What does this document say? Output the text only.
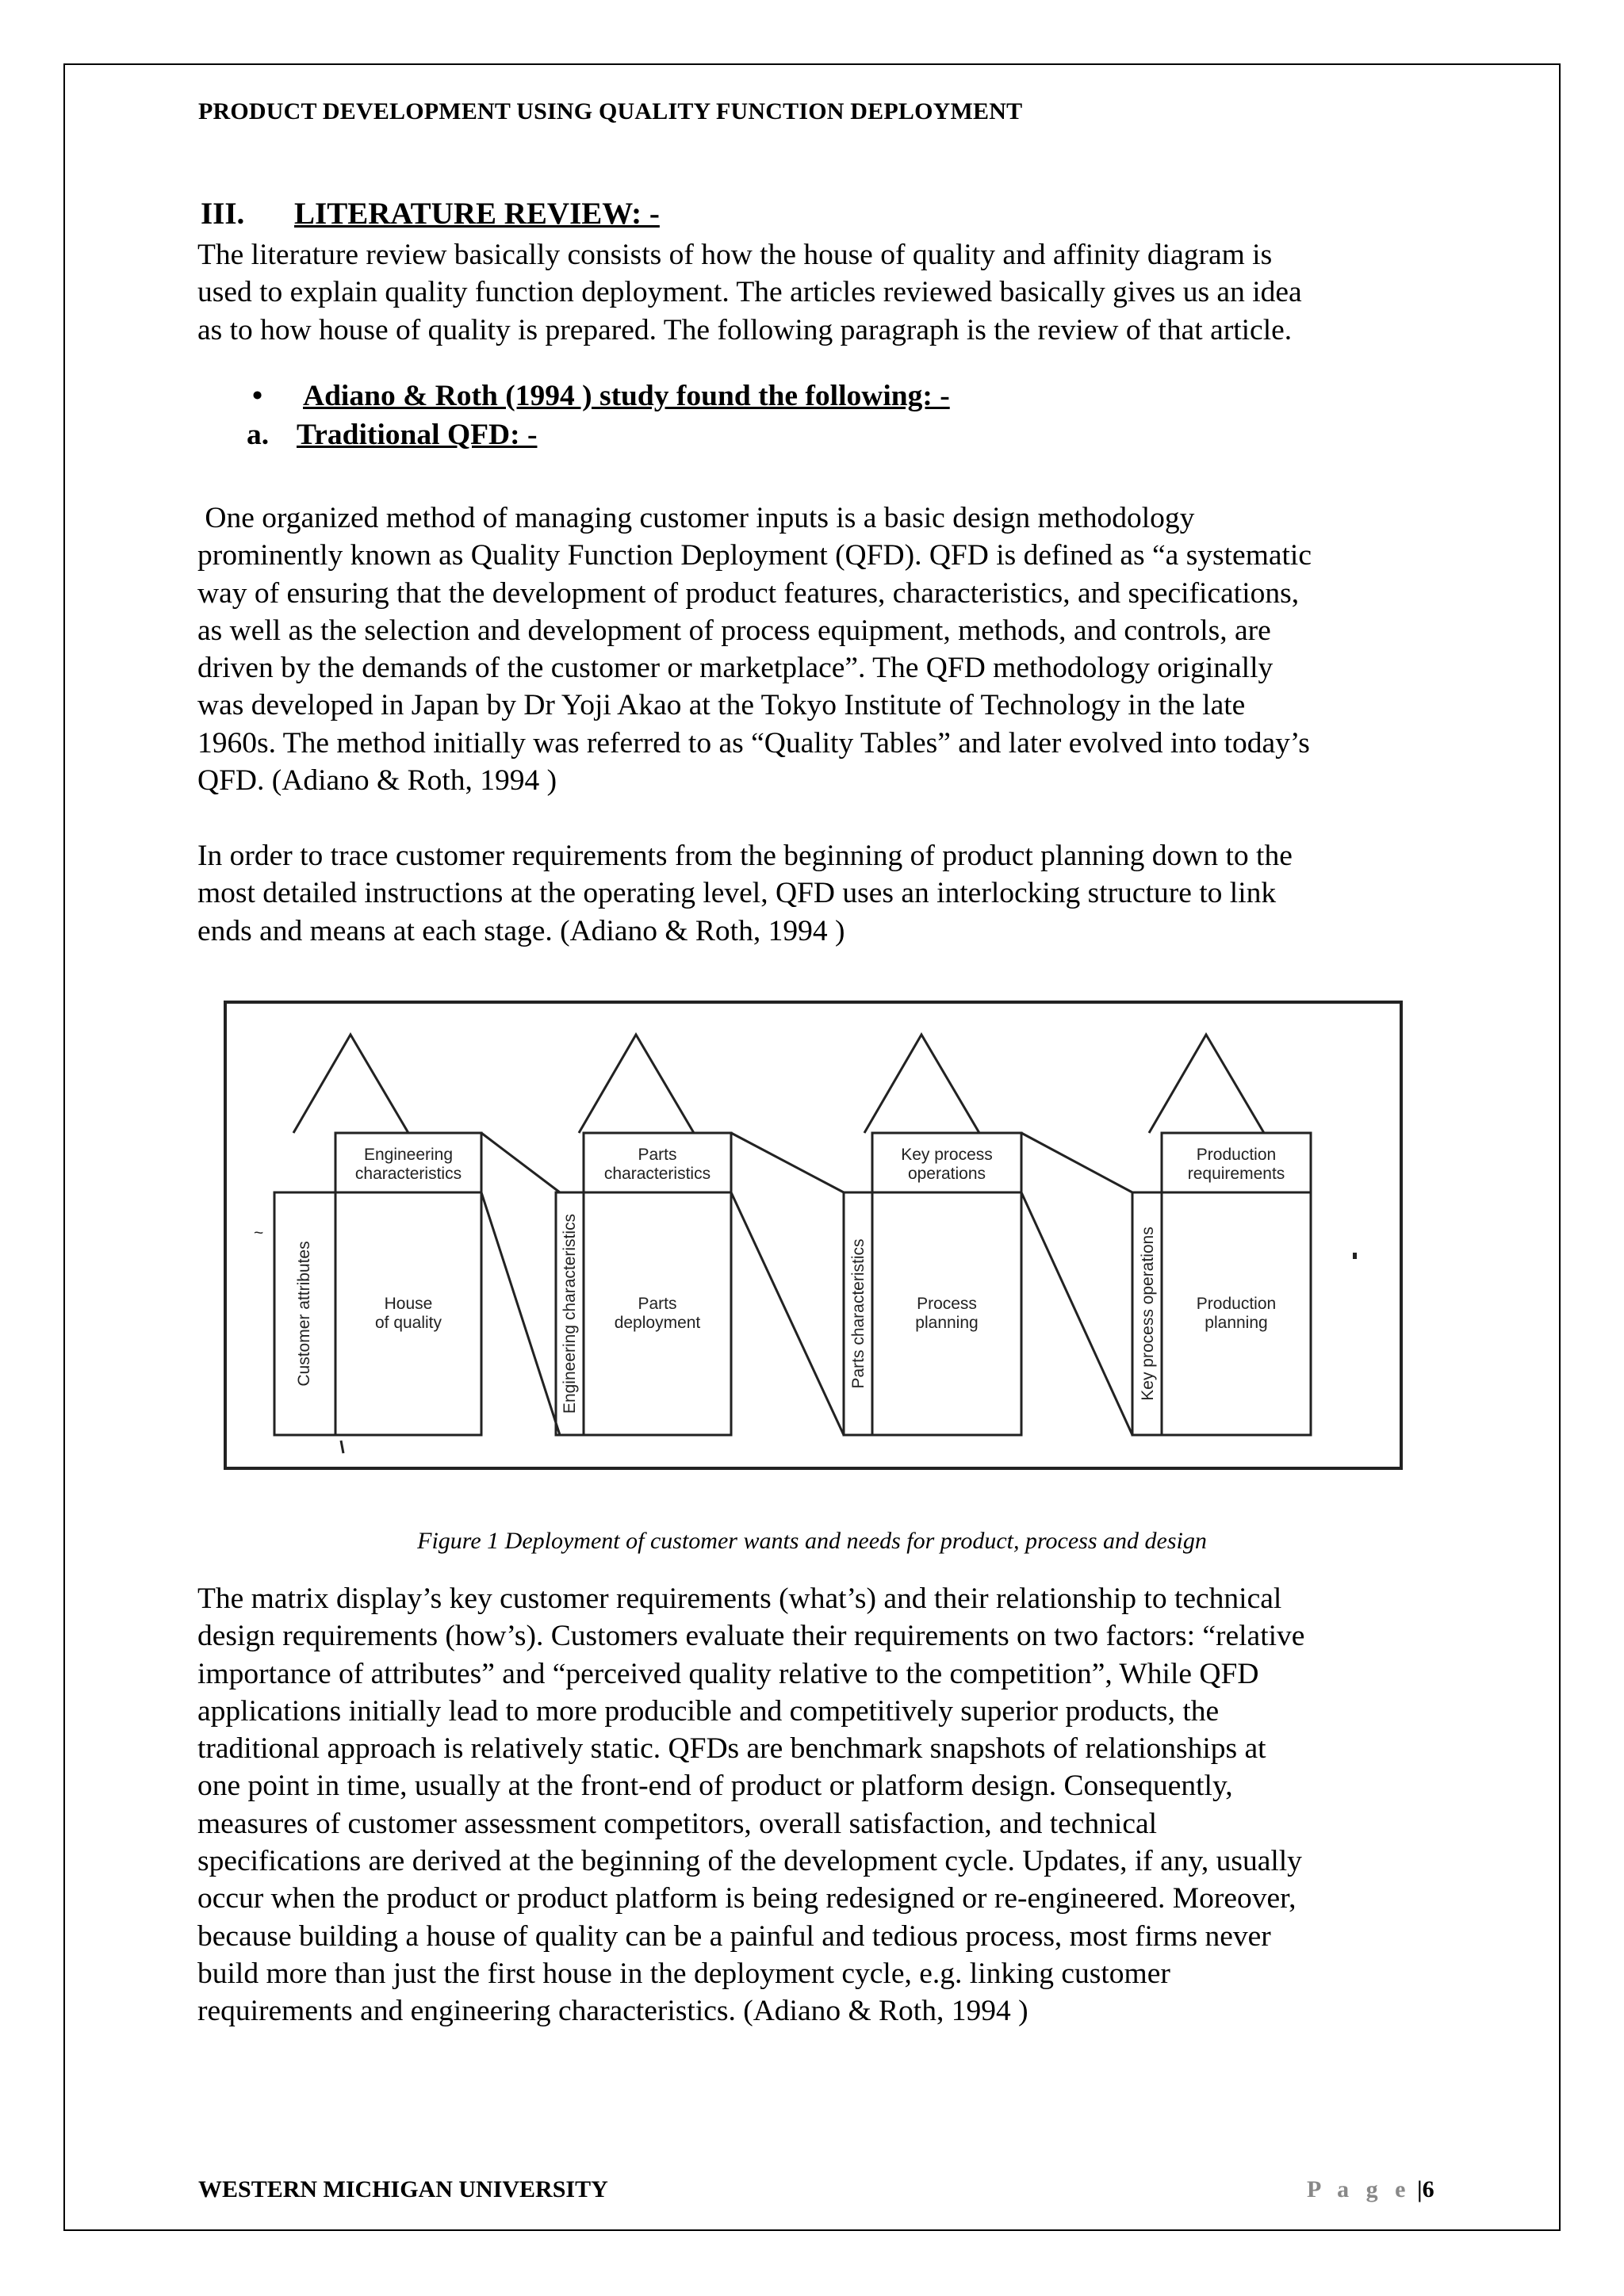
PRODUCT DEVELOPMENT USING QUALITY FUNCTION DEPLOYMENT
III. LITERATURE REVIEW: -

The literature review basically consists of how the house of quality and affinity diagram is
used to explain quality function deployment. The articles reviewed basically gives us an idea
as to how house of quality is prepared. The following paragraph is the review of that article.

• Adiano & Roth (1994 ) study found the following: -
a. Traditional QFD: -

One organized method of managing customer inputs is a basic design methodology
prominently known as Quality Function Deployment (QFD). QFD is defined as “a systematic
way of ensuring that the development of product features, characteristics, and specifications,
as well as the selection and development of process equipment, methods, and controls, are
driven by the demands of the customer or marketplace”. The QFD methodology originally
was developed in Japan by Dr Yoji Akao at the Tokyo Institute of Technology in the late
1960s. The method initially was referred to as “Quality Tables” and later evolved into today’s
QFD. (Adiano & Roth, 1994 )

In order to trace customer requirements from the beginning of product planning down to the
most detailed instructions at the operating level, QFD uses an interlocking structure to link
ends and means at each stage. (Adiano & Roth, 1994 )

Engineering
characteristics
House
of quality
Customer attributes
~
Parts
characteristics
Parts
deployment
Engineering characteristics
Key process
operations
Process
planning
Parts characteristics
Production
requirements
Production
planning
Key process operations
Figure 1 Deployment of customer wants and needs for product, process and design

The matrix display’s key customer requirements (what’s) and their relationship to technical
design requirements (how’s). Customers evaluate their requirements on two factors: “relative
importance of attributes” and “perceived quality relative to the competition”, While QFD
applications initially lead to more producible and competitively superior products, the
traditional approach is relatively static. QFDs are benchmark snapshots of relationships at
one point in time, usually at the front-end of product or platform design. Consequently,
measures of customer assessment competitors, overall satisfaction, and technical
specifications are derived at the beginning of the development cycle. Updates, if any, usually
occur when the product or product platform is being redesigned or re-engineered. Moreover,
because building a house of quality can be a painful and tedious process, most firms never
build more than just the first house in the deployment cycle, e.g. linking customer
requirements and engineering characteristics. (Adiano & Roth, 1994 )

WESTERN MICHIGAN UNIVERSITY	P a g e |6
